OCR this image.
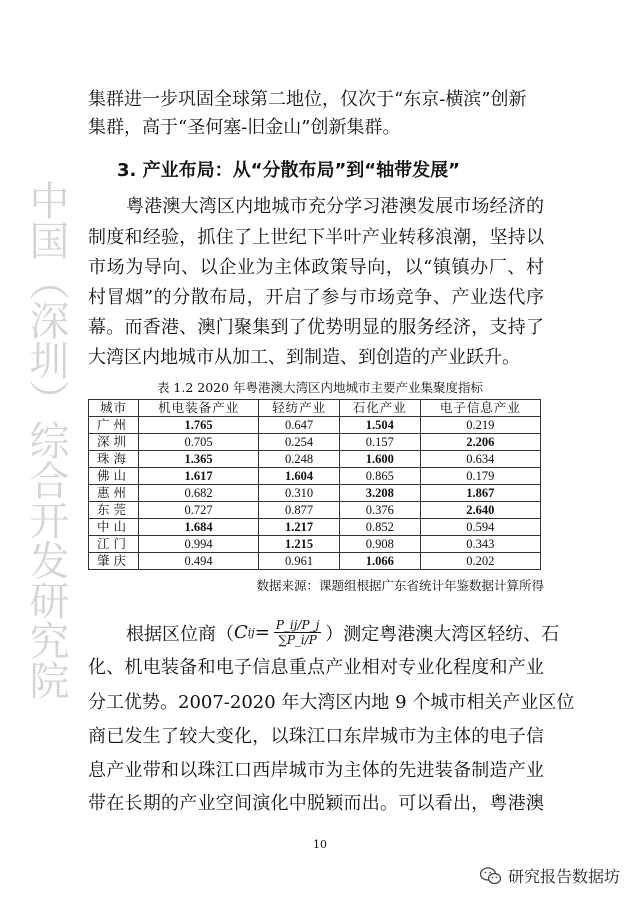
中国（深圳）综合开发研究院
集群进一步巩固全球第二地位，仅次于“东京-横滨”创新
集群，高于“圣何塞-旧金山”创新集群。
3. 产业布局：从“分散布局”到“轴带发展”
粤港澳大湾区内地城市充分学习港澳发展市场经济的
制度和经验，抓住了上世纪下半叶产业转移浪潮，坚持以
市场为导向、以企业为主体政策导向，以“镇镇办厂、村
村冒烟”的分散布局，开启了参与市场竞争、产业迭代序
幕。而香港、澳门聚集到了优势明显的服务经济，支持了
大湾区内地城市从加工、到制造、到创造的产业跃升。
表 1.2 2020 年粤港澳大湾区内地城市主要产业集聚度指标
城市	机电装备产业	轻纺产业	石化产业	电子信息产业
广州	1.765	0.647	1.504	0.219
深圳	0.705	0.254	0.157	2.206
珠海	1.365	0.248	1.600	0.634
佛山	1.617	1.604	0.865	0.179
惠州	0.682	0.310	3.208	1.867
东莞	0.727	0.877	0.376	2.640
中山	1.684	1.217	0.852	0.594
江门	0.994	1.215	0.908	0.343
肇庆	0.494	0.961	1.066	0.202
数据来源：课题组根据广东省统计年鉴数据计算所得
根据区位商（ C ij = $\frac{P\_ij/P\_j}{\sum P\_i/P}$ ）测定粤港澳大湾区轻纺、石
化、机电装备和电子信息重点产业相对专业化程度和产业
分工优势。2007-2020 年大湾区内地 9 个城市相关产业区位
商已发生了较大变化，以珠江口东岸城市为主体的电子信
息产业带和以珠江口西岸城市为主体的先进装备制造产业
带在长期的产业空间演化中脱颖而出。可以看出，粤港澳
10
研究报告数据坊
